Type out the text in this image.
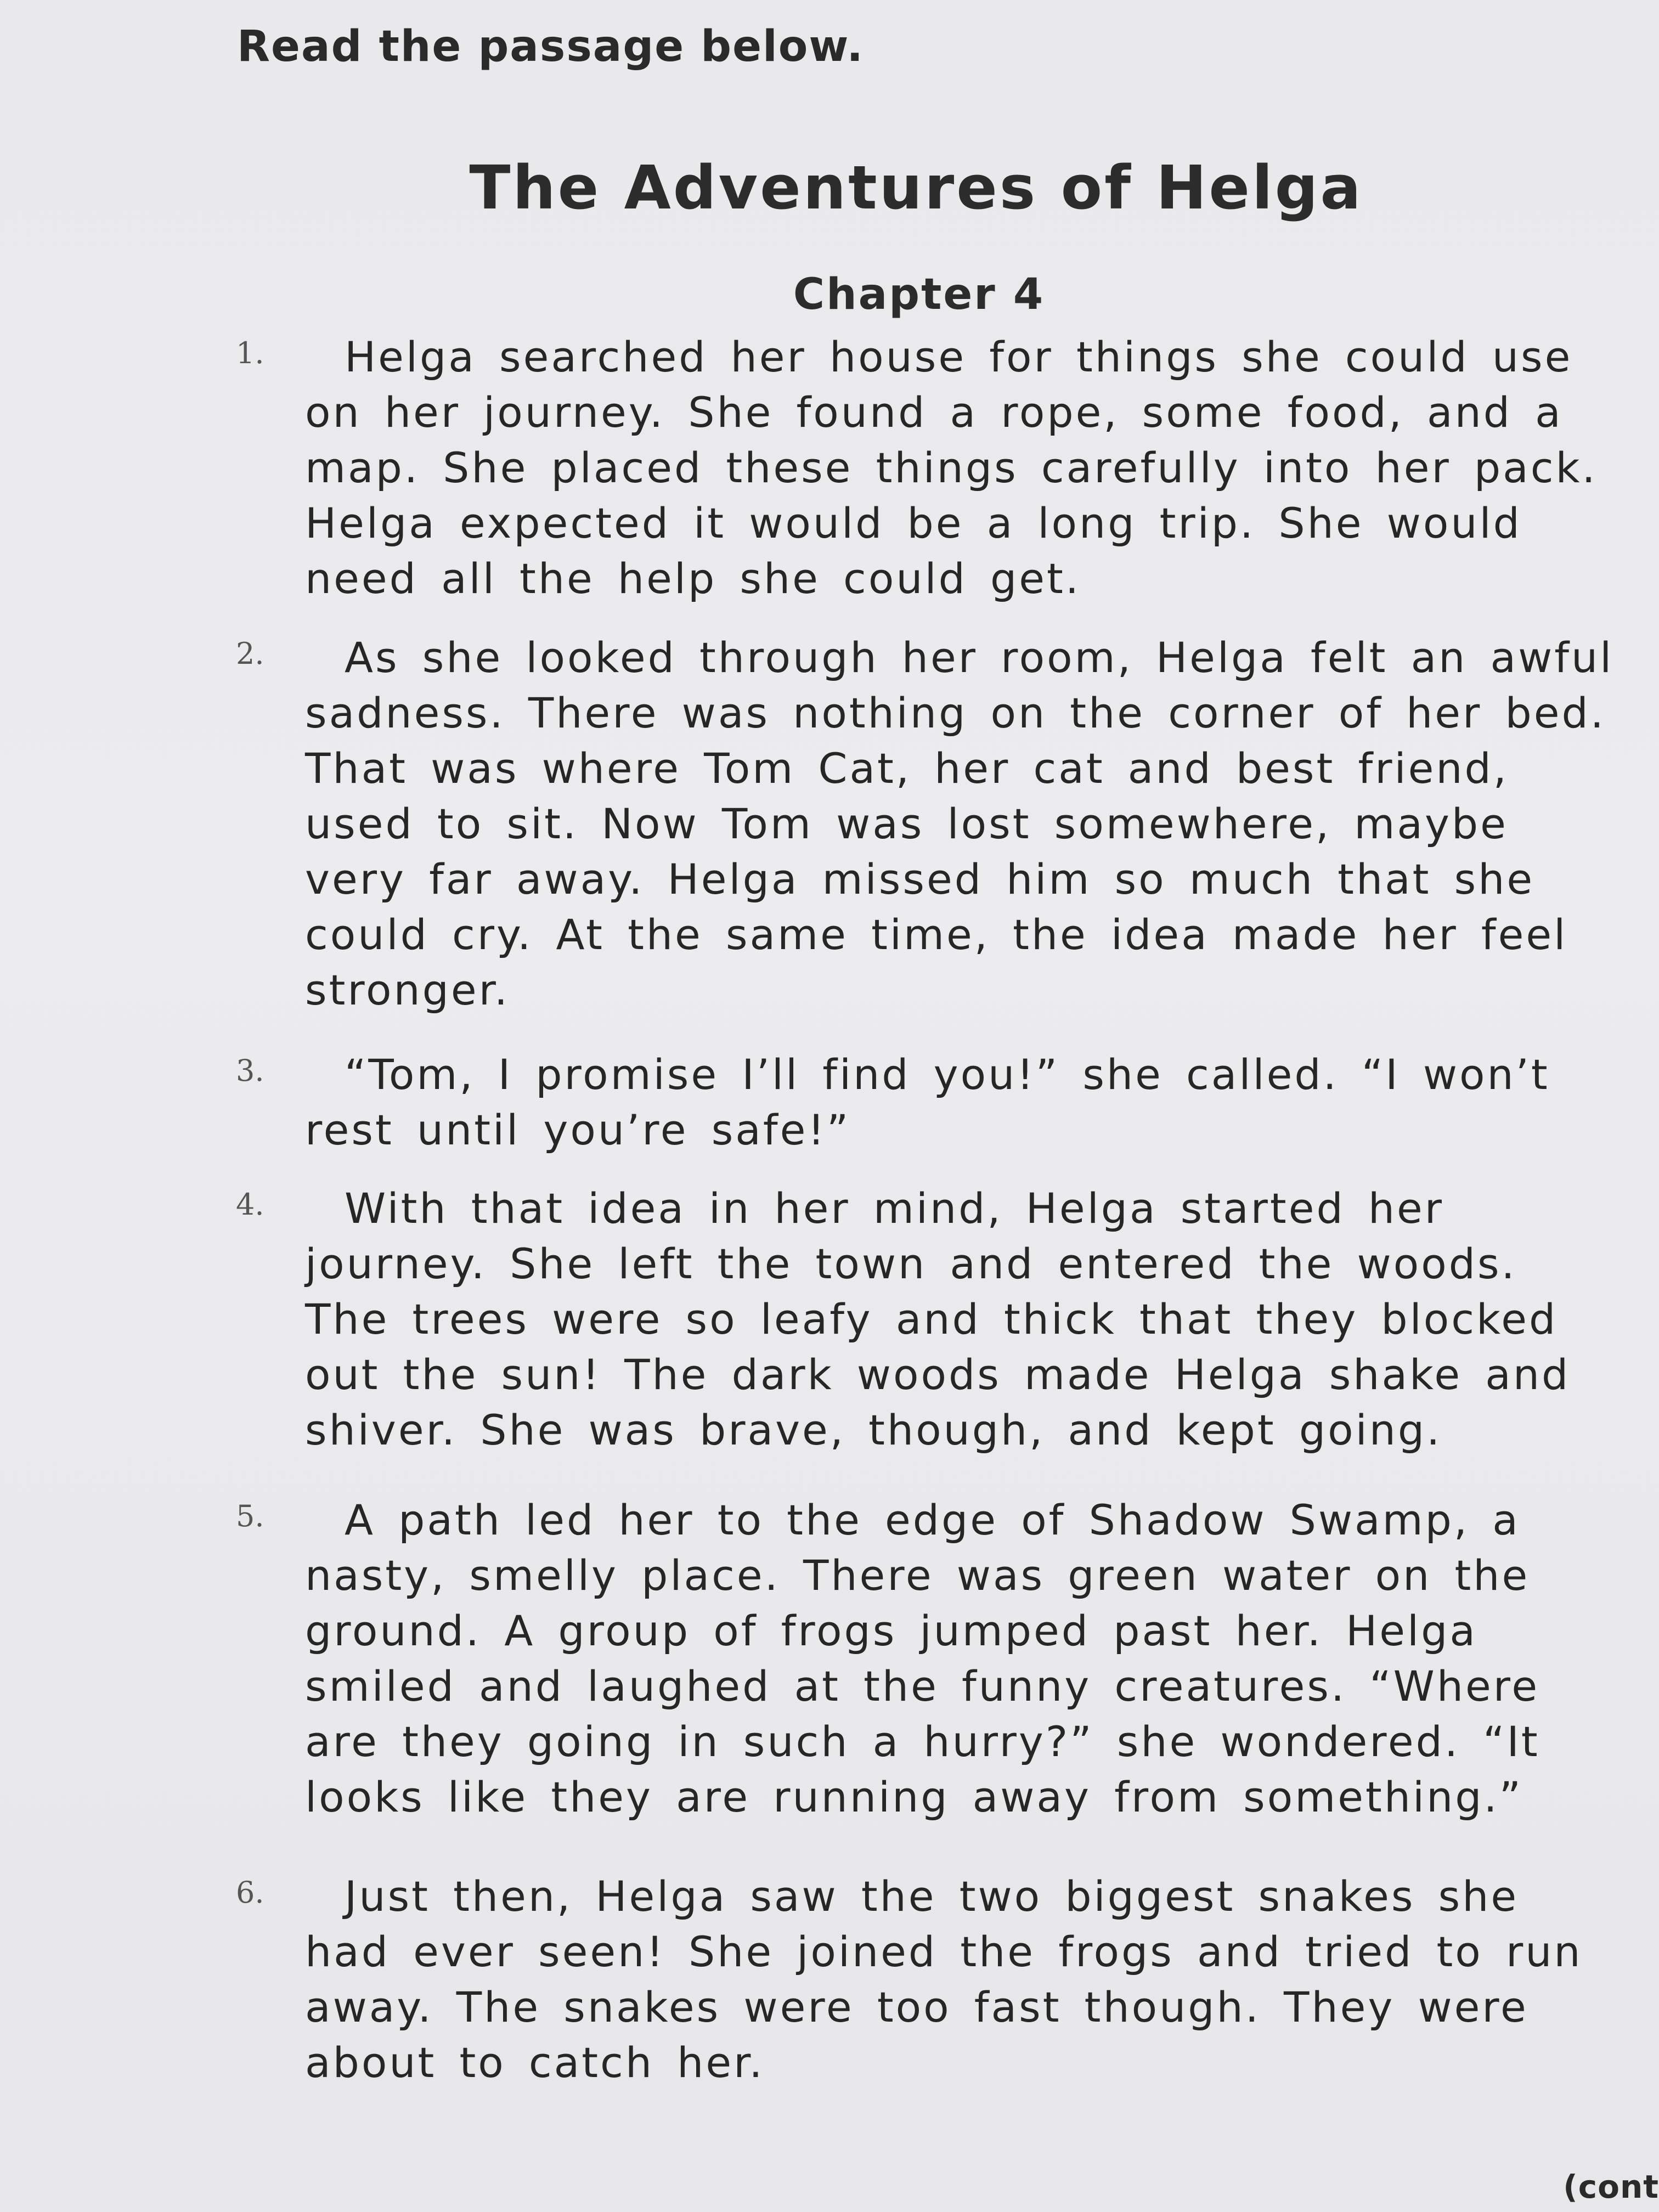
Read the passage below.

The Adventures of Helga
Chapter 4
1.	Helga searched her house for things she could use on her journey. She found a rope, some food, and a map. She placed these things carefully into her pack. Helga expected it would be a long trip. She would need all the help she could get.

2.	As she looked through her room, Helga felt an awful sadness. There was nothing on the corner of her bed. That was where Tom Cat, her cat and best friend, used to sit. Now Tom was lost somewhere, maybe very far away. Helga missed him so much that she could cry. At the same time, the idea made her feel stronger.

3.	“Tom, I promise I’ll find you!” she called. “I won’t rest until you’re safe!”

4.	With that idea in her mind, Helga started her journey. She left the town and entered the woods. The trees were so leafy and thick that they blocked out the sun! The dark woods made Helga shake and shiver. She was brave, though, and kept going.

5.	A path led her to the edge of Shadow Swamp, a nasty, smelly place. There was green water on the ground. A group of frogs jumped past her. Helga smiled and laughed at the funny creatures. “Where are they going in such a hurry?” she wondered. “It looks like they are running away from something.”

6.	Just then, Helga saw the two biggest snakes she had ever seen! She joined the frogs and tried to run away. The snakes were too fast though. They were about to catch her.

(cont
